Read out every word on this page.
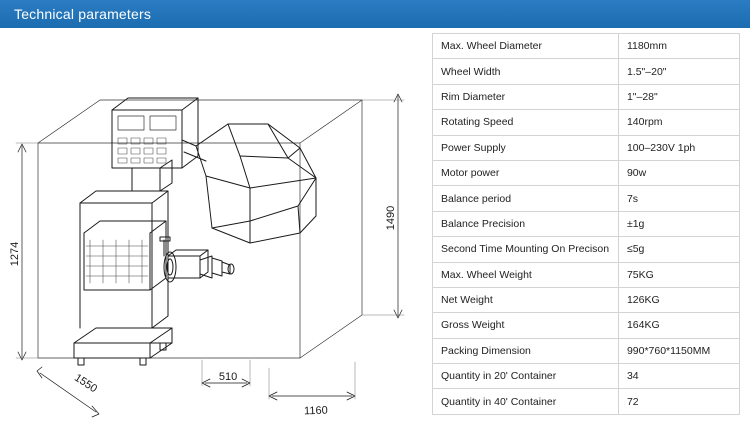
Technical parameters
1490
1274
1550	510
1160
Max. Wheel Diameter	1180mm
Wheel Width	1.5"–20"
Rim Diameter	1"–28"
Rotating Speed	140rpm
Power Supply	100–230V 1ph
Motor power	90w
Balance period	7s
Balance Precision	±1g
Second Time Mounting On Precison	≤5g
Max. Wheel Weight	75KG
Net Weight	126KG
Gross Weight	164KG
Packing Dimension	990*760*1150MM
Quantity in 20' Container	34
Quantity in 40' Container	72
